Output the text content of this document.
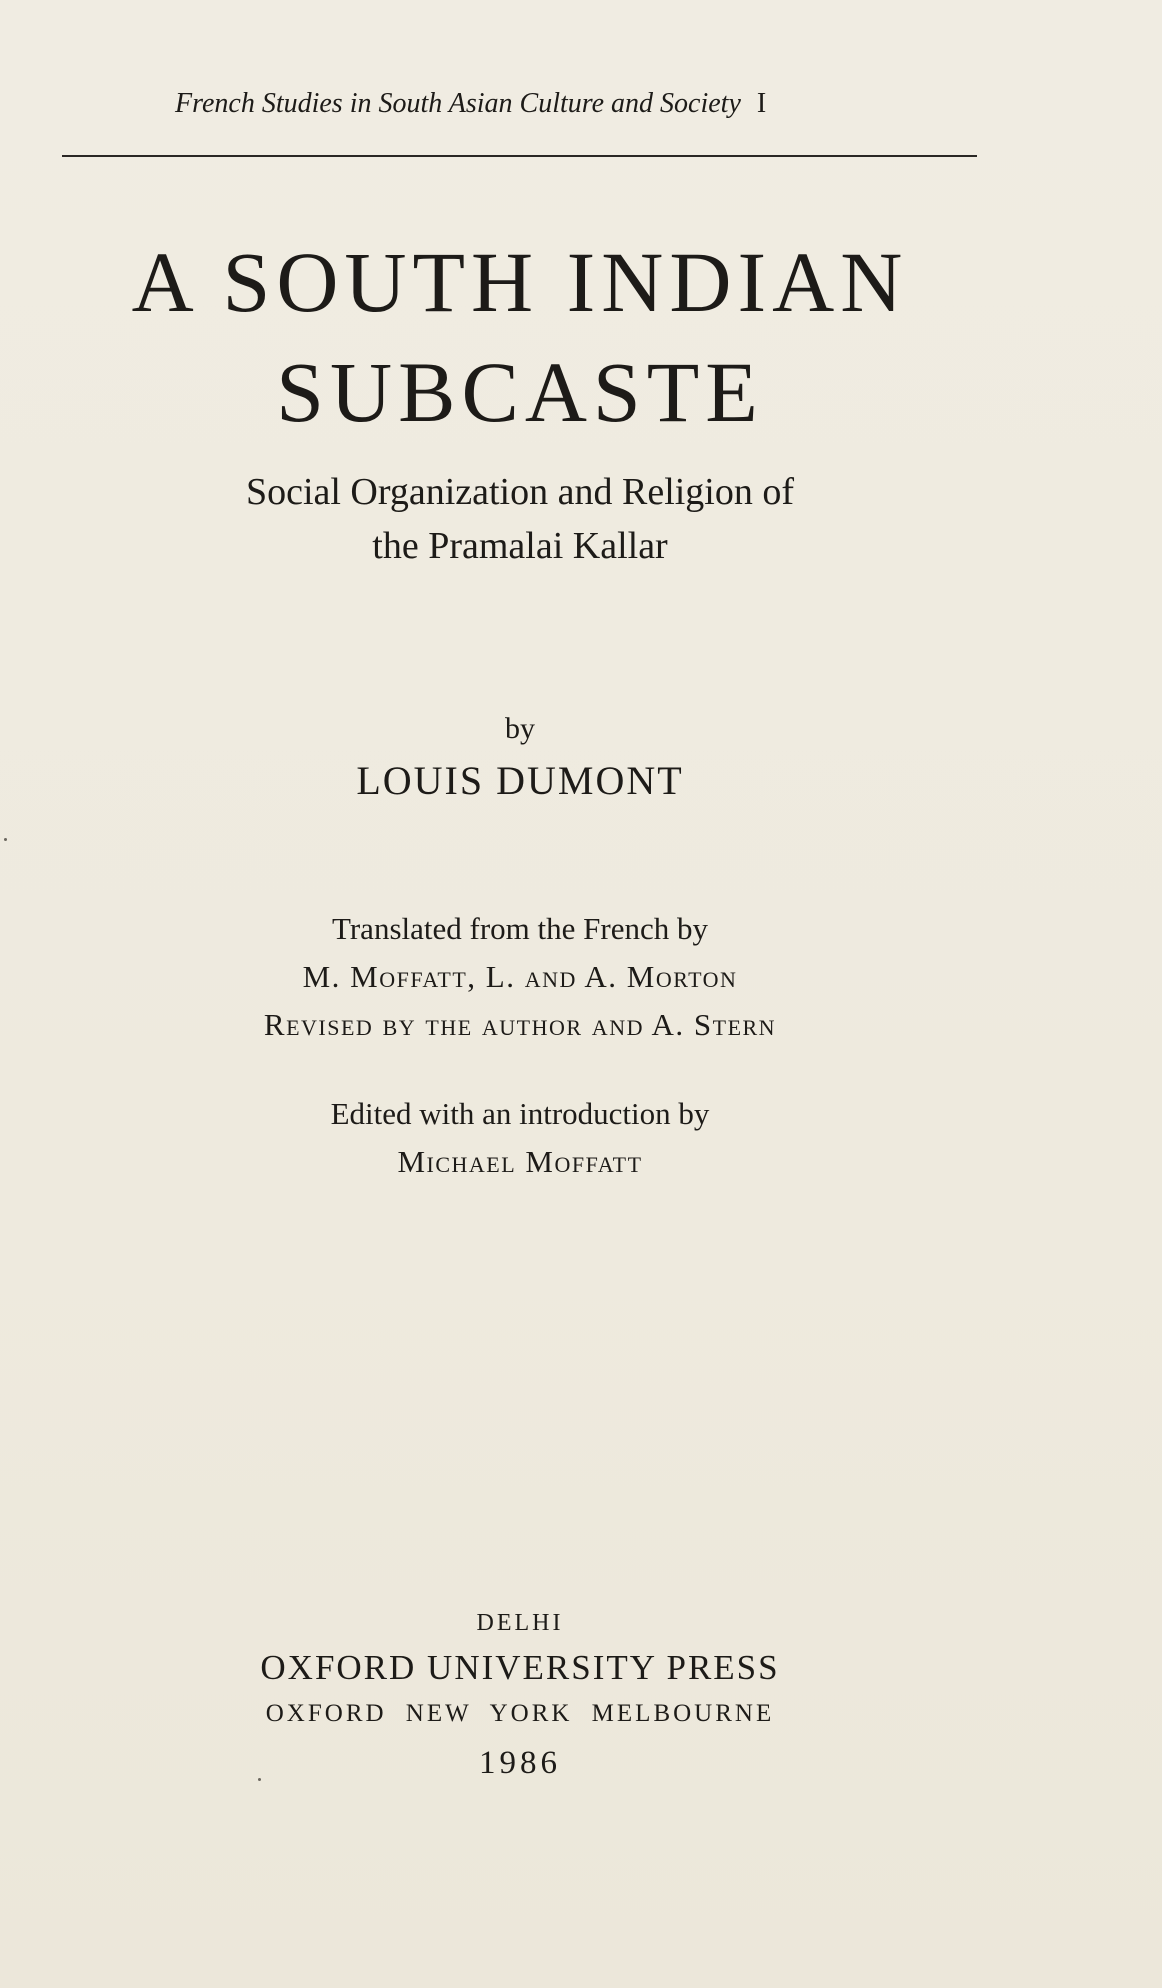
French Studies in South Asian Culture and Society I
A SOUTH INDIAN
SUBCASTE
Social Organization and Religion of
the Pramalai Kallar
by
LOUIS DUMONT
Translated from the French by
M. Moffatt, L. and A. Morton
Revised by the author and A. Stern
Edited with an introduction by
Michael Moffatt
DELHI
OXFORD UNIVERSITY PRESS
OXFORD NEW YORK MELBOURNE
1986
